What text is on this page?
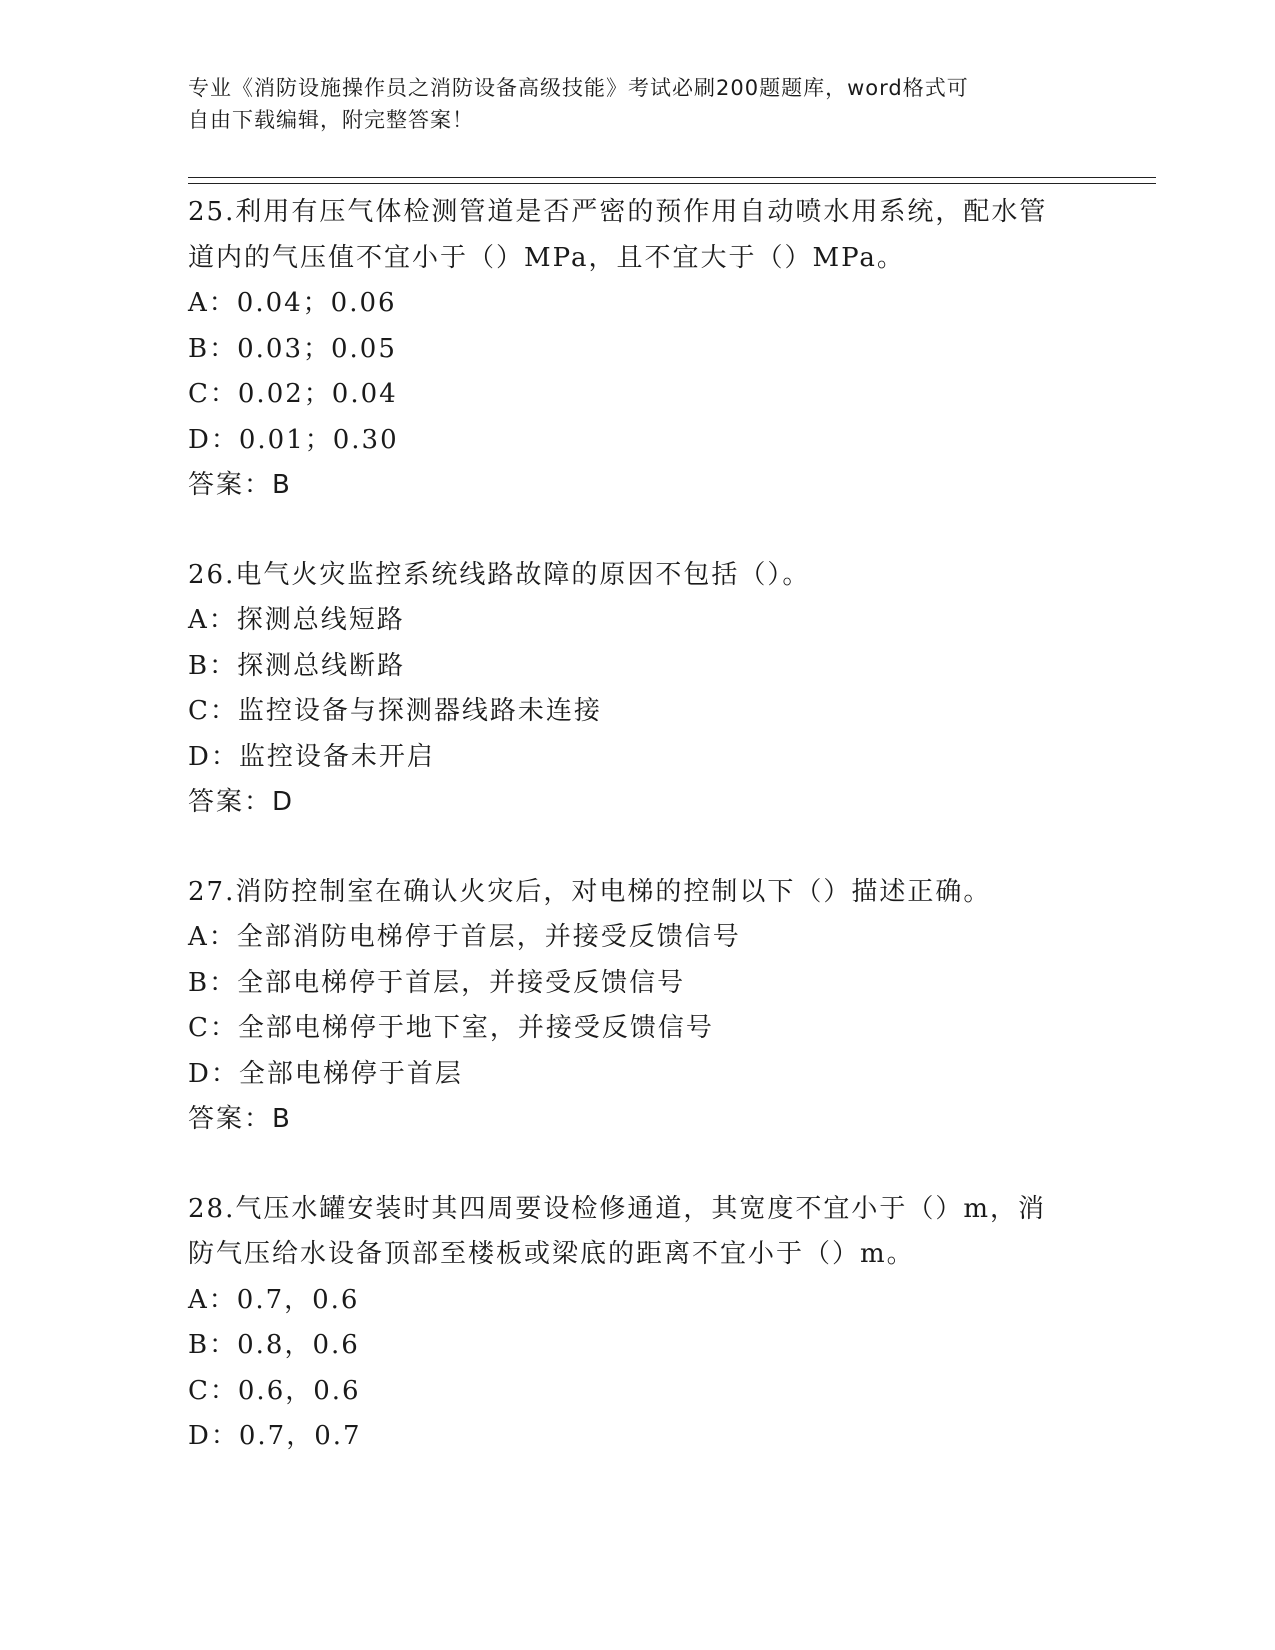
专业《消防设施操作员之消防设备高级技能》考试必刷200题题库，word格式可
自由下载编辑，附完整答案！
25.利用有压气体检测管道是否严密的预作用自动喷水用系统，配水管
道内的气压值不宜小于（）MPa，且不宜大于（）MPa。
A：0.04；0.06
B：0.03；0.05
C：0.02；0.04
D：0.01；0.30
答案：B
26.电气火灾监控系统线路故障的原因不包括（）。
A：探测总线短路
B：探测总线断路
C：监控设备与探测器线路未连接
D：监控设备未开启
答案：D
27.消防控制室在确认火灾后，对电梯的控制以下（）描述正确。
A：全部消防电梯停于首层，并接受反馈信号
B：全部电梯停于首层，并接受反馈信号
C：全部电梯停于地下室，并接受反馈信号
D：全部电梯停于首层
答案：B
28.气压水罐安装时其四周要设检修通道，其宽度不宜小于（）m，消
防气压给水设备顶部至楼板或梁底的距离不宜小于（）m。
A：0.7，0.6
B：0.8，0.6
C：0.6，0.6
D：0.7，0.7
